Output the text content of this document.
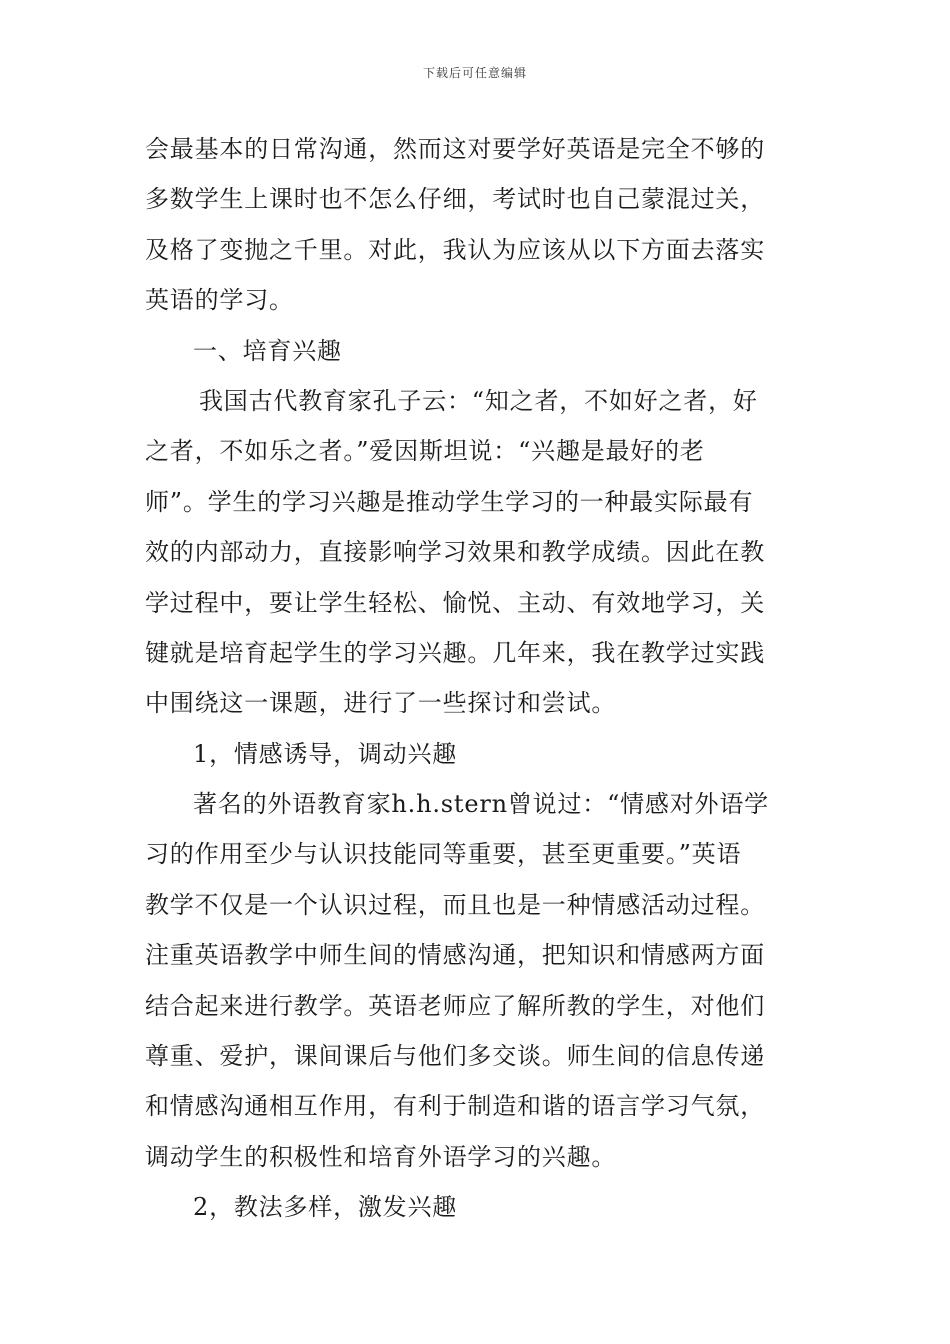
下载后可任意编辑
会最基本的日常沟通，然而这对要学好英语是完全不够的
多数学生上课时也不怎么仔细，考试时也自己蒙混过关，
及格了变抛之千里。对此，我认为应该从以下方面去落实
英语的学习。
一、培育兴趣
我国古代教育家孔子云：“知之者，不如好之者，好
之者，不如乐之者。”爱因斯坦说：“兴趣是最好的老
师”。学生的学习兴趣是推动学生学习的一种最实际最有
效的内部动力，直接影响学习效果和教学成绩。因此在教
学过程中，要让学生轻松、愉悦、主动、有效地学习，关
键就是培育起学生的学习兴趣。几年来，我在教学过实践
中围绕这一课题，进行了一些探讨和尝试。
1，情感诱导，调动兴趣
著名的外语教育家h.h.stern曾说过：“情感对外语学
习的作用至少与认识技能同等重要，甚至更重要。”英语
教学不仅是一个认识过程，而且也是一种情感活动过程。
注重英语教学中师生间的情感沟通，把知识和情感两方面
结合起来进行教学。英语老师应了解所教的学生，对他们
尊重、爱护，课间课后与他们多交谈。师生间的信息传递
和情感沟通相互作用，有利于制造和谐的语言学习气氛，
调动学生的积极性和培育外语学习的兴趣。
2，教法多样，激发兴趣
